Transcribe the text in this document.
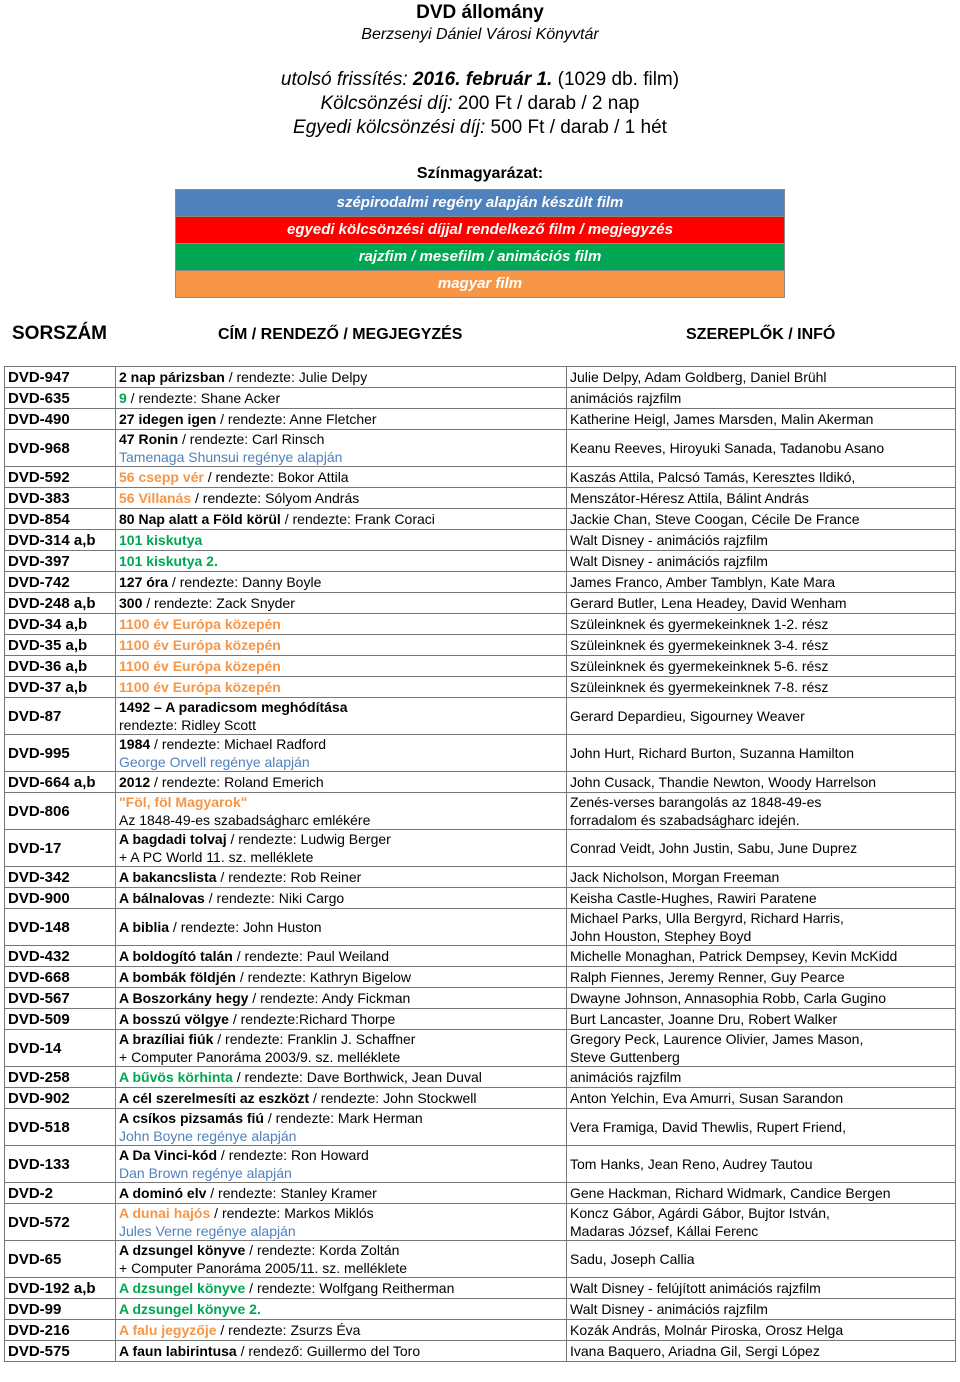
DVD állomány
Berzsenyi Dániel Városi Könyvtár
utolsó frissítés: 2016. február 1. (1029 db. film)
Kölcsönzési díj: 200 Ft / darab / 2 nap
Egyedi kölcsönzési díj: 500 Ft / darab / 1 hét
Színmagyarázat:
szépirodalmi regény alapján készült film
egyedi kölcsönzési díjjal rendelkező film / megjegyzés
rajzfim / mesefilm / animációs film
magyar film
SORSZÁM	CÍM / RENDEZŐ / MEGJEGYZÉS	SZEREPLŐK / INFÓ
DVD-947	2 nap párizsban / rendezte: Julie Delpy	Julie Delpy, Adam Goldberg, Daniel Brühl

DVD-635	9 / rendezte: Shane Acker	animációs rajzfilm

DVD-490	27 idegen igen / rendezte: Anne Fletcher	Katherine Heigl, James Marsden, Malin Akerman

DVD-968	47 Ronin / rendezte: Carl Rinsch
Tamenaga Shunsui regénye alapján	Keanu Reeves, Hiroyuki Sanada, Tadanobu Asano

DVD-592	56 csepp vér / rendezte: Bokor Attila	Kaszás Attila, Palcsó Tamás, Keresztes Ildikó,

DVD-383	56 Villanás / rendezte: Sólyom András	Menszátor-Héresz Attila, Bálint András

DVD-854	80 Nap alatt a Föld körül / rendezte: Frank Coraci	Jackie Chan, Steve Coogan, Cécile De France

DVD-314 a,b	101 kiskutya	Walt Disney - animációs rajzfilm

DVD-397	101 kiskutya 2.	Walt Disney - animációs rajzfilm

DVD-742	127 óra / rendezte: Danny Boyle	James Franco, Amber Tamblyn, Kate Mara

DVD-248 a,b	300 / rendezte: Zack Snyder	Gerard Butler, Lena Headey, David Wenham

DVD-34 a,b	1100 év Európa közepén	Szüleinknek és gyermekeinknek 1-2. rész

DVD-35 a,b	1100 év Európa közepén	Szüleinknek és gyermekeinknek 3-4. rész

DVD-36 a,b	1100 év Európa közepén	Szüleinknek és gyermekeinknek 5-6. rész

DVD-37 a,b	1100 év Európa közepén	Szüleinknek és gyermekeinknek 7-8. rész

DVD-87	1492 – A paradicsom meghódítása
rendezte: Ridley Scott	Gerard Depardieu, Sigourney Weaver

DVD-995	1984 / rendezte: Michael Radford
George Orvell regénye alapján	John Hurt, Richard Burton, Suzanna Hamilton

DVD-664 a,b	2012 / rendezte: Roland Emerich	John Cusack, Thandie Newton, Woody Harrelson

DVD-806	"Föl, föl Magyarok"
Az 1848-49-es szabadságharc emlékére	Zenés-verses barangolás az 1848-49-es
forradalom és szabadságharc idején.

DVD-17	A bagdadi tolvaj / rendezte: Ludwig Berger
+ A PC World 11. sz. melléklete	Conrad Veidt, John Justin, Sabu, June Duprez

DVD-342	A bakancslista / rendezte: Rob Reiner	Jack Nicholson, Morgan Freeman

DVD-900	A bálnalovas / rendezte: Niki Cargo	Keisha Castle-Hughes, Rawiri Paratene

DVD-148	A biblia / rendezte: John Huston	Michael Parks, Ulla Bergyrd, Richard Harris,
John Houston, Stephey Boyd

DVD-432	A boldogító talán / rendezte: Paul Weiland	Michelle Monaghan, Patrick Dempsey, Kevin McKidd

DVD-668	A bombák földjén / rendezte: Kathryn Bigelow	Ralph Fiennes, Jeremy Renner, Guy Pearce

DVD-567	A Boszorkány hegy / rendezte: Andy Fickman	Dwayne Johnson, Annasophia Robb, Carla Gugino

DVD-509	A bosszú völgye / rendezte:Richard Thorpe	Burt Lancaster, Joanne Dru, Robert Walker

DVD-14	A brazíliai fiúk / rendezte: Franklin J. Schaffner
+ Computer Panoráma 2003/9. sz. melléklete	Gregory Peck, Laurence Olivier, James Mason,
Steve Guttenberg

DVD-258	A bűvös körhinta / rendezte: Dave Borthwick, Jean Duval	animációs rajzfilm

DVD-902	A cél szerelmesíti az eszközt / rendezte: John Stockwell	Anton Yelchin, Eva Amurri, Susan Sarandon

DVD-518	A csíkos pizsamás fiú / rendezte: Mark Herman
John Boyne regénye alapján	Vera Framiga, David Thewlis, Rupert Friend,

DVD-133	A Da Vinci-kód / rendezte: Ron Howard
Dan Brown regénye alapján	Tom Hanks, Jean Reno, Audrey Tautou

DVD-2	A dominó elv / rendezte: Stanley Kramer	Gene Hackman, Richard Widmark, Candice Bergen

DVD-572	A dunai hajós / rendezte: Markos Miklós
Jules Verne regénye alapján	Koncz Gábor, Agárdi Gábor, Bujtor István,
Madaras József, Kállai Ferenc

DVD-65	A dzsungel könyve / rendezte: Korda Zoltán
+ Computer Panoráma 2005/11. sz. melléklete	Sadu, Joseph Callia

DVD-192 a,b	A dzsungel könyve / rendezte: Wolfgang Reitherman	Walt Disney - felújított animációs rajzfilm

DVD-99	A dzsungel könyve 2.	Walt Disney - animációs rajzfilm

DVD-216	A falu jegyzője / rendezte: Zsurzs Éva	Kozák András, Molnár Piroska, Orosz Helga

DVD-575	A faun labirintusa / rendező: Guillermo del Toro	Ivana Baquero, Ariadna Gil, Sergi López
